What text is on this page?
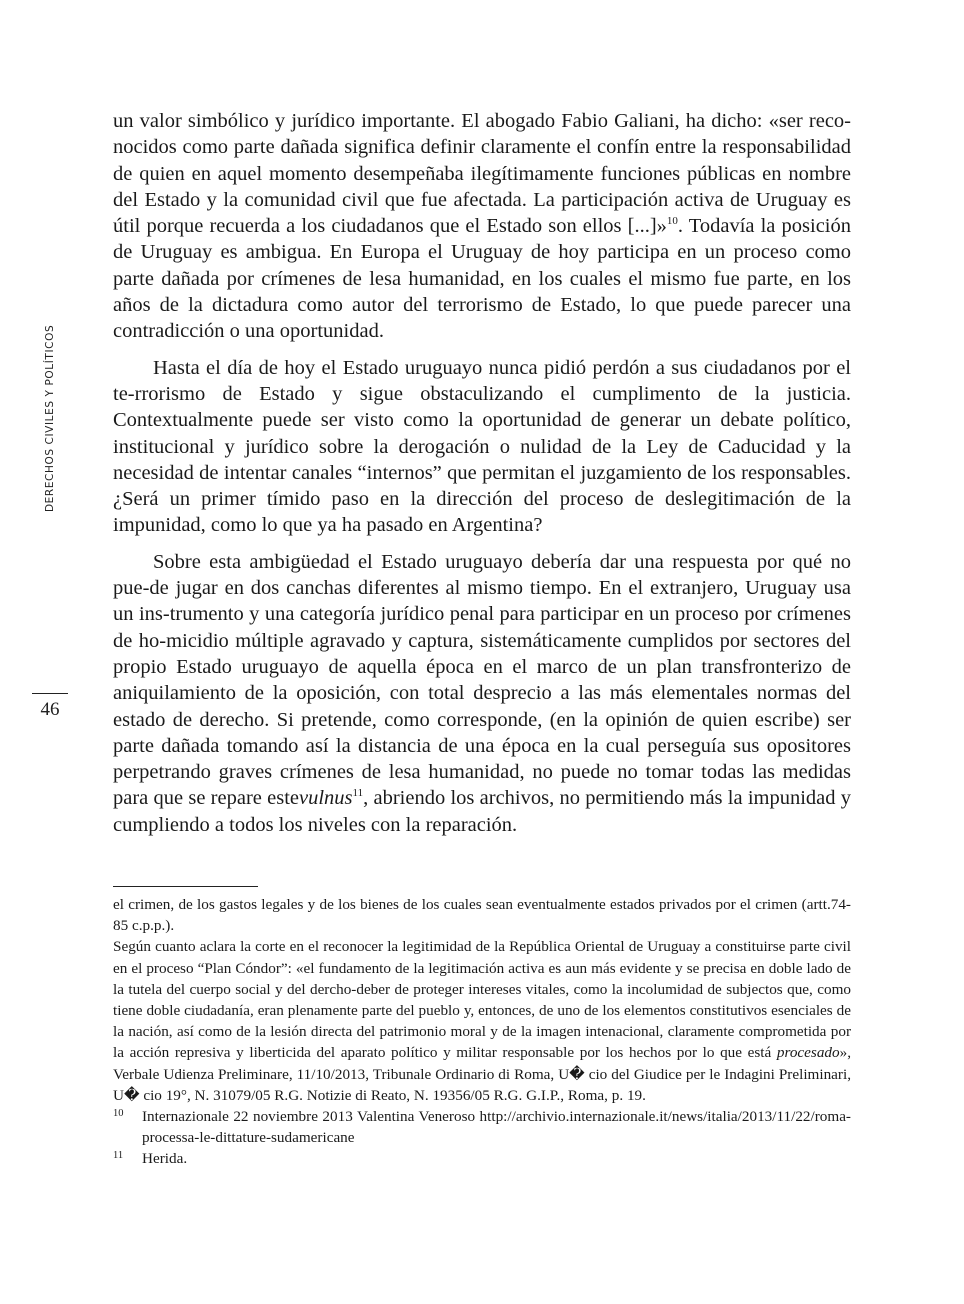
DERECHOS CIVILES Y POLÍTICOS
46

un valor simbólico y jurídico importante. El abogado Fabio Galiani, ha dicho: «ser reco-nocidos como parte dañada significa definir claramente el confín entre la responsabilidad de quien en aquel momento desempeñaba ilegítimamente funciones públicas en nombre del Estado y la comunidad civil que fue afectada. La participación activa de Uruguay es útil porque recuerda a los ciudadanos que el Estado son ellos [...]»$^{10}$. Todavía la posición de Uruguay es ambigua. En Europa el Uruguay de hoy participa en un proceso como parte dañada por crímenes de lesa humanidad, en los cuales el mismo fue parte, en los años de la dictadura como autor del terrorismo de Estado, lo que puede parecer una contradicción o una oportunidad.

Hasta el día de hoy el Estado uruguayo nunca pidió perdón a sus ciudadanos por el te-rrorismo de Estado y sigue obstaculizando el cumplimento de la justicia. Contextualmente puede ser visto como la oportunidad de generar un debate político, institucional y jurídico sobre la derogación o nulidad de la Ley de Caducidad y la necesidad de intentar canales “internos” que permitan el juzgamiento de los responsables. ¿Será un primer tímido paso en la dirección del proceso de deslegitimación de la impunidad, como lo que ya ha pasado en Argentina?

Sobre esta ambigüedad el Estado uruguayo debería dar una respuesta por qué no pue-de jugar en dos canchas diferentes al mismo tiempo. En el extranjero, Uruguay usa un ins-trumento y una categoría jurídico penal para participar en un proceso por crímenes de ho-micidio múltiple agravado y captura, sistemáticamente cumplidos por sectores del propio Estado uruguayo de aquella época en el marco de un plan transfronterizo de aniquilamiento de la oposición, con total desprecio a las más elementales normas del estado de derecho. Si pretende, como corresponde, (en la opinión de quien escribe) ser parte dañada tomando así la distancia de una época en la cual perseguía sus opositores perpetrando graves crímenes de lesa humanidad, no puede no tomar todas las medidas para que se repare estevulnus$^{11}$, abriendo los archivos, no permitiendo más la impunidad y cumpliendo a todos los niveles con la reparación.

el crimen, de los gastos legales y de los bienes de los cuales sean eventualmente estados privados por el crimen (artt.74-85 c.p.p.).

Según cuanto aclara la corte en el reconocer la legitimidad de la República Oriental de Uruguay a constituirse parte civil en el proceso “Plan Cóndor”: «el fundamento de la legitimación activa es aun más evidente y se precisa en doble lado de la tutela del cuerpo social y del dercho-deber de proteger intereses vitales, como la incolumidad de subjectos que, como tiene doble ciudadanía, eran plenamente parte del pueblo y, entonces, de uno de los elementos constitutivos esenciales de la nación, así como de la lesión directa del patrimonio moral y de la imagen intenacional, claramente comprometida por la acción represiva y liberticida del aparato político y militar responsable por los hechos por lo que está procesado», Verbale Udienza Preliminare, 11/10/2013, Tribunale Ordinario di Roma, U� cio del Giudice per le Indagini Preliminari, U� cio 19°, N. 31079/05 R.G. Notizie di Reato, N. 19356/05 R.G. G.I.P., Roma, p. 19.

10	Internazionale 22 noviembre 2013 Valentina Veneroso http://archivio.internazionale.it/news/italia/2013/11/22/roma-processa-le-dittature-sudamericane
11	Herida.
